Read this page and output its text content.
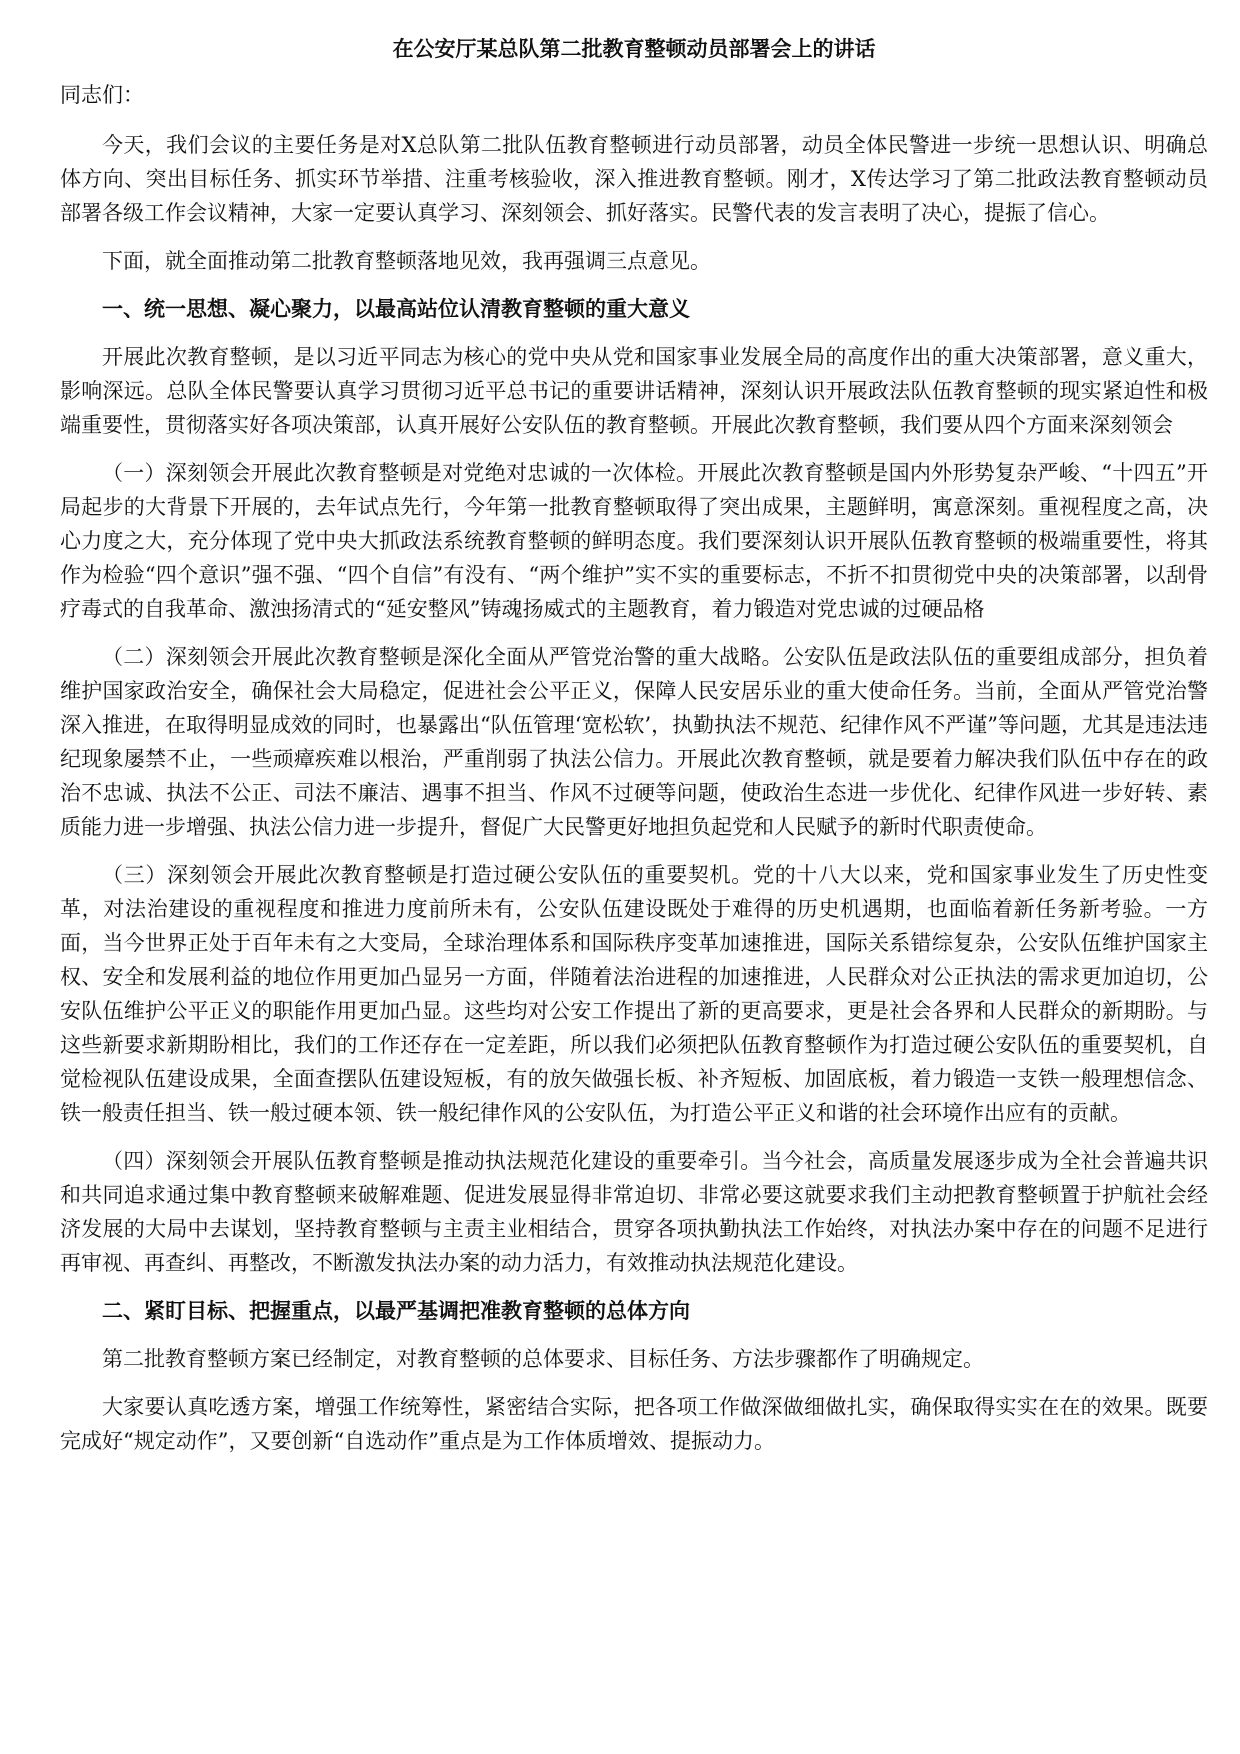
在公安厅某总队第二批教育整顿动员部署会上的讲话
同志们：

今天，我们会议的主要任务是对X总队第二批队伍教育整顿进行动员部署，动员全体民警进一步统一思想认识、明确总体方向、突出目标任务、抓实环节举措、注重考核验收，深入推进教育整顿。刚才，X传达学习了第二批政法教育整顿动员部署各级工作会议精神，大家一定要认真学习、深刻领会、抓好落实。民警代表的发言表明了决心，提振了信心。

下面，就全面推动第二批教育整顿落地见效，我再强调三点意见。

一、统一思想、凝心聚力，以最高站位认清教育整顿的重大意义

开展此次教育整顿，是以习近平同志为核心的党中央从党和国家事业发展全局的高度作出的重大决策部署，意义重大，影响深远。总队全体民警要认真学习贯彻习近平总书记的重要讲话精神，深刻认识开展政法队伍教育整顿的现实紧迫性和极端重要性，贯彻落实好各项决策部，认真开展好公安队伍的教育整顿。开展此次教育整顿，我们要从四个方面来深刻领会

（一）深刻领会开展此次教育整顿是对党绝对忠诚的一次体检。开展此次教育整顿是国内外形势复杂严峻、“十四五”开局起步的大背景下开展的，去年试点先行，今年第一批教育整顿取得了突出成果，主题鲜明，寓意深刻。重视程度之高，决心力度之大，充分体现了党中央大抓政法系统教育整顿的鲜明态度。我们要深刻认识开展队伍教育整顿的极端重要性，将其作为检验“四个意识”强不强、“四个自信”有没有、“两个维护”实不实的重要标志，不折不扣贯彻党中央的决策部署，以刮骨疗毒式的自我革命、激浊扬清式的“延安整风”铸魂扬威式的主题教育，着力锻造对党忠诚的过硬品格

（二）深刻领会开展此次教育整顿是深化全面从严管党治警的重大战略。公安队伍是政法队伍的重要组成部分，担负着维护国家政治安全，确保社会大局稳定，促进社会公平正义，保障人民安居乐业的重大使命任务。当前，全面从严管党治警深入推进，在取得明显成效的同时，也暴露出“队伍管理‘宽松软’，执勤执法不规范、纪律作风不严谨”等问题，尤其是违法违纪现象屡禁不止，一些顽瘴疾难以根治，严重削弱了执法公信力。开展此次教育整顿，就是要着力解决我们队伍中存在的政治不忠诚、执法不公正、司法不廉洁、遇事不担当、作风不过硬等问题，使政治生态进一步优化、纪律作风进一步好转、素质能力进一步增强、执法公信力进一步提升，督促广大民警更好地担负起党和人民赋予的新时代职责使命。

（三）深刻领会开展此次教育整顿是打造过硬公安队伍的重要契机。党的十八大以来，党和国家事业发生了历史性变革，对法治建设的重视程度和推进力度前所未有，公安队伍建设既处于难得的历史机遇期，也面临着新任务新考验。一方面，当今世界正处于百年未有之大变局，全球治理体系和国际秩序变革加速推进，国际关系错综复杂，公安队伍维护国家主权、安全和发展利益的地位作用更加凸显另一方面，伴随着法治进程的加速推进，人民群众对公正执法的需求更加迫切，公安队伍维护公平正义的职能作用更加凸显。这些均对公安工作提出了新的更高要求，更是社会各界和人民群众的新期盼。与这些新要求新期盼相比，我们的工作还存在一定差距，所以我们必须把队伍教育整顿作为打造过硬公安队伍的重要契机，自觉检视队伍建设成果，全面查摆队伍建设短板，有的放矢做强长板、补齐短板、加固底板，着力锻造一支铁一般理想信念、铁一般责任担当、铁一般过硬本领、铁一般纪律作风的公安队伍，为打造公平正义和谐的社会环境作出应有的贡献。

（四）深刻领会开展队伍教育整顿是推动执法规范化建设的重要牵引。当今社会，高质量发展逐步成为全社会普遍共识和共同追求通过集中教育整顿来破解难题、促进发展显得非常迫切、非常必要这就要求我们主动把教育整顿置于护航社会经济发展的大局中去谋划，坚持教育整顿与主责主业相结合，贯穿各项执勤执法工作始终，对执法办案中存在的问题不足进行再审视、再查纠、再整改，不断激发执法办案的动力活力，有效推动执法规范化建设。

二、紧盯目标、把握重点，以最严基调把准教育整顿的总体方向

第二批教育整顿方案已经制定，对教育整顿的总体要求、目标任务、方法步骤都作了明确规定。

大家要认真吃透方案，增强工作统筹性，紧密结合实际，把各项工作做深做细做扎实，确保取得实实在在的效果。既要完成好“规定动作”，又要创新“自选动作”重点是为工作体质增效、提振动力。
